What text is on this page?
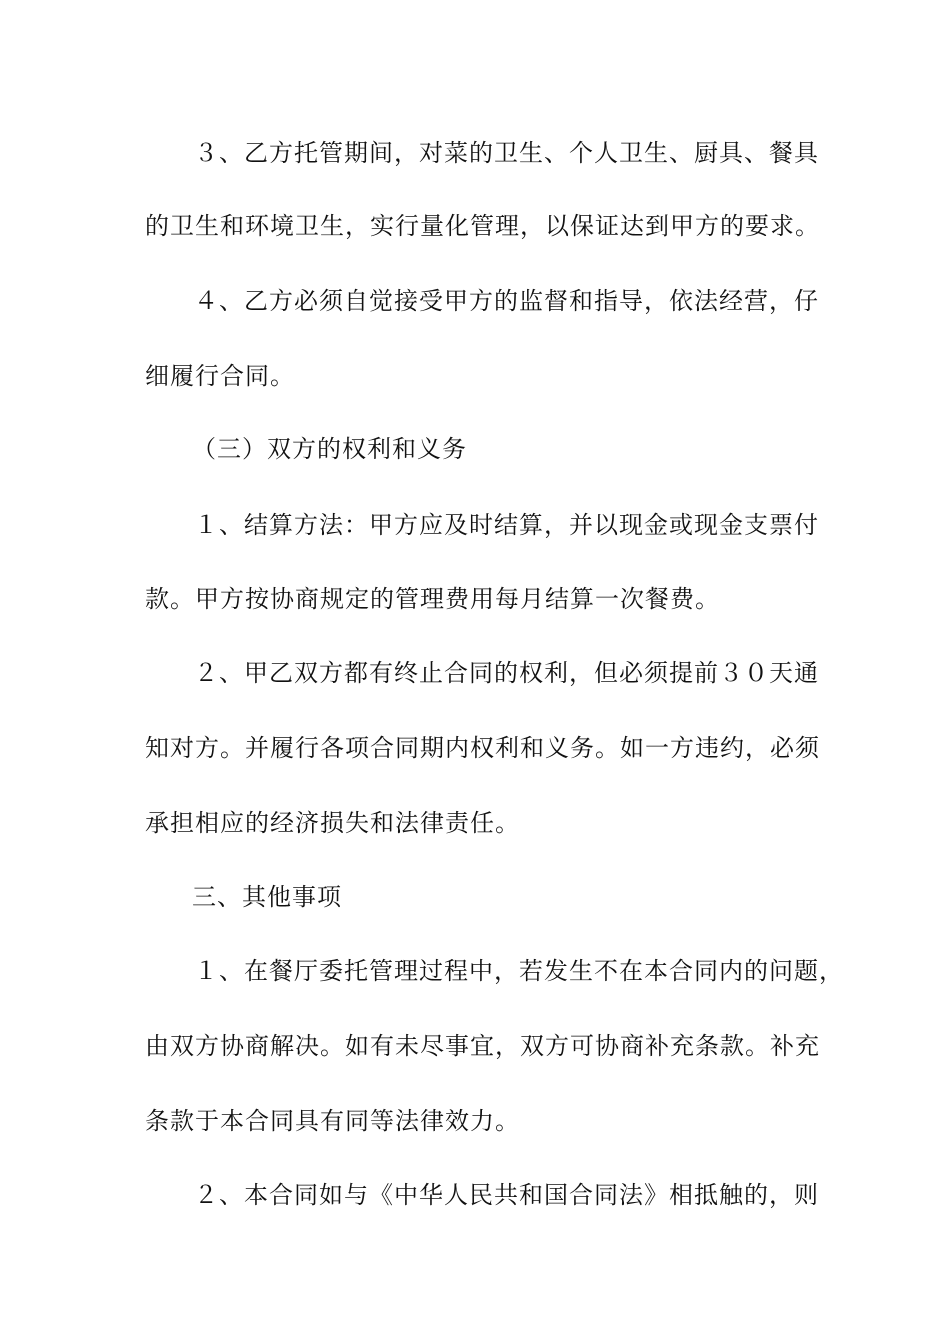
３、乙方托管期间，对菜的卫生、个人卫生、厨具、餐具
的卫生和环境卫生，实行量化管理，以保证达到甲方的要求。
４、乙方必须自觉接受甲方的监督和指导，依法经营，仔
细履行合同。
（三）双方的权利和义务
１、结算方法：甲方应及时结算，并以现金或现金支票付
款。甲方按协商规定的管理费用每月结算一次餐费。
２、甲乙双方都有终止合同的权利，但必须提前３０天通
知对方。并履行各项合同期内权利和义务。如一方违约，必须
承担相应的经济损失和法律责任。
三、其他事项
１、在餐厅委托管理过程中，若发生不在本合同内的问题，
由双方协商解决。如有未尽事宜，双方可协商补充条款。补充
条款于本合同具有同等法律效力。
２、本合同如与《中华人民共和国合同法》相抵触的，则
